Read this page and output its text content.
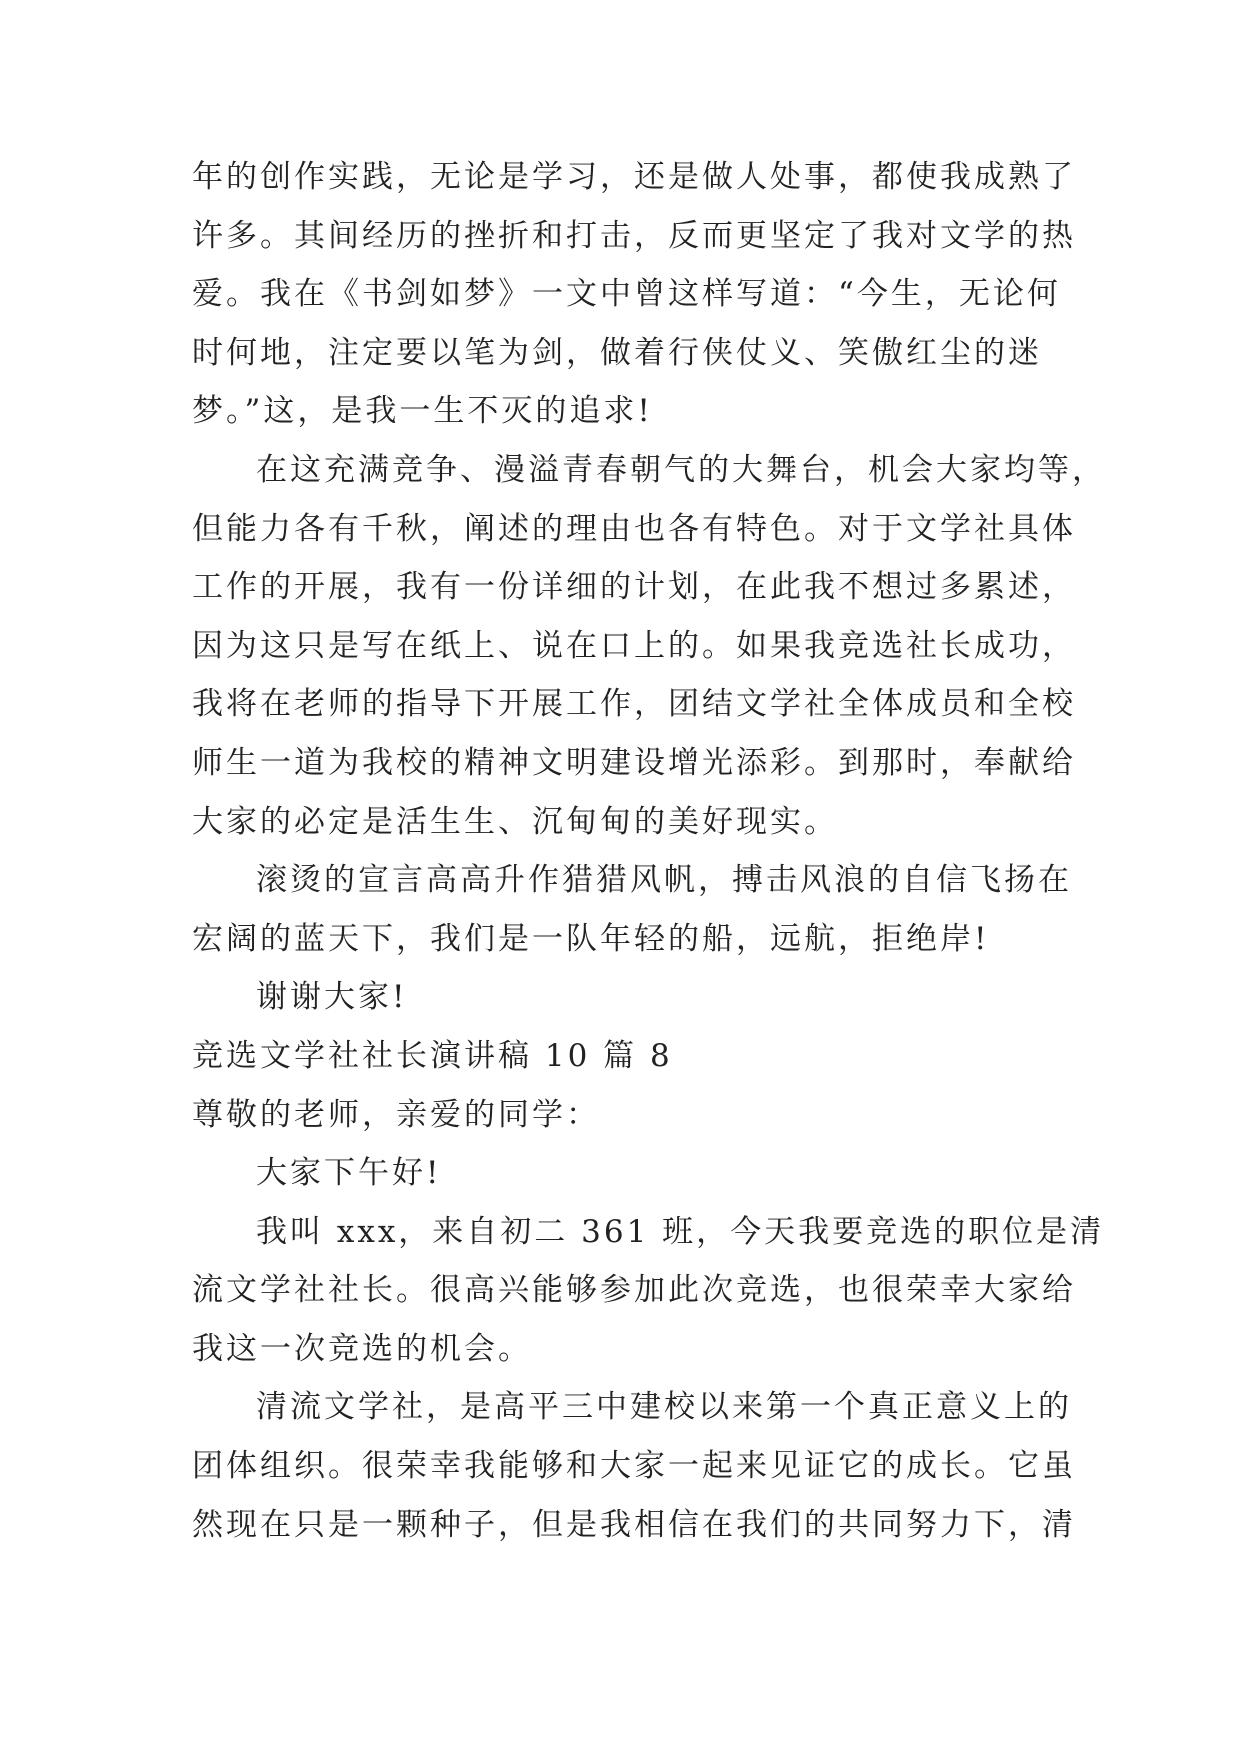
年的创作实践，无论是学习，还是做人处事，都使我成熟了
许多。其间经历的挫折和打击，反而更坚定了我对文学的热
爱。我在《书剑如梦》一文中曾这样写道：“今生，无论何
时何地，注定要以笔为剑，做着行侠仗义、笑傲红尘的迷
梦。”这，是我一生不灭的追求!
在这充满竞争、漫溢青春朝气的大舞台，机会大家均等，
但能力各有千秋，阐述的理由也各有特色。对于文学社具体
工作的开展，我有一份详细的计划，在此我不想过多累述，
因为这只是写在纸上、说在口上的。如果我竞选社长成功，
我将在老师的指导下开展工作，团结文学社全体成员和全校
师生一道为我校的精神文明建设增光添彩。到那时，奉献给
大家的必定是活生生、沉甸甸的美好现实。
滚烫的宣言高高升作猎猎风帆，搏击风浪的自信飞扬在
宏阔的蓝天下，我们是一队年轻的船，远航，拒绝岸!
谢谢大家!
竞选文学社社长演讲稿 10 篇 8
尊敬的老师，亲爱的同学：
大家下午好!
我叫 xxx，来自初二 361 班，今天我要竞选的职位是清
流文学社社长。很高兴能够参加此次竞选，也很荣幸大家给
我这一次竞选的机会。
清流文学社，是高平三中建校以来第一个真正意义上的
团体组织。很荣幸我能够和大家一起来见证它的成长。它虽
然现在只是一颗种子，但是我相信在我们的共同努力下，清
